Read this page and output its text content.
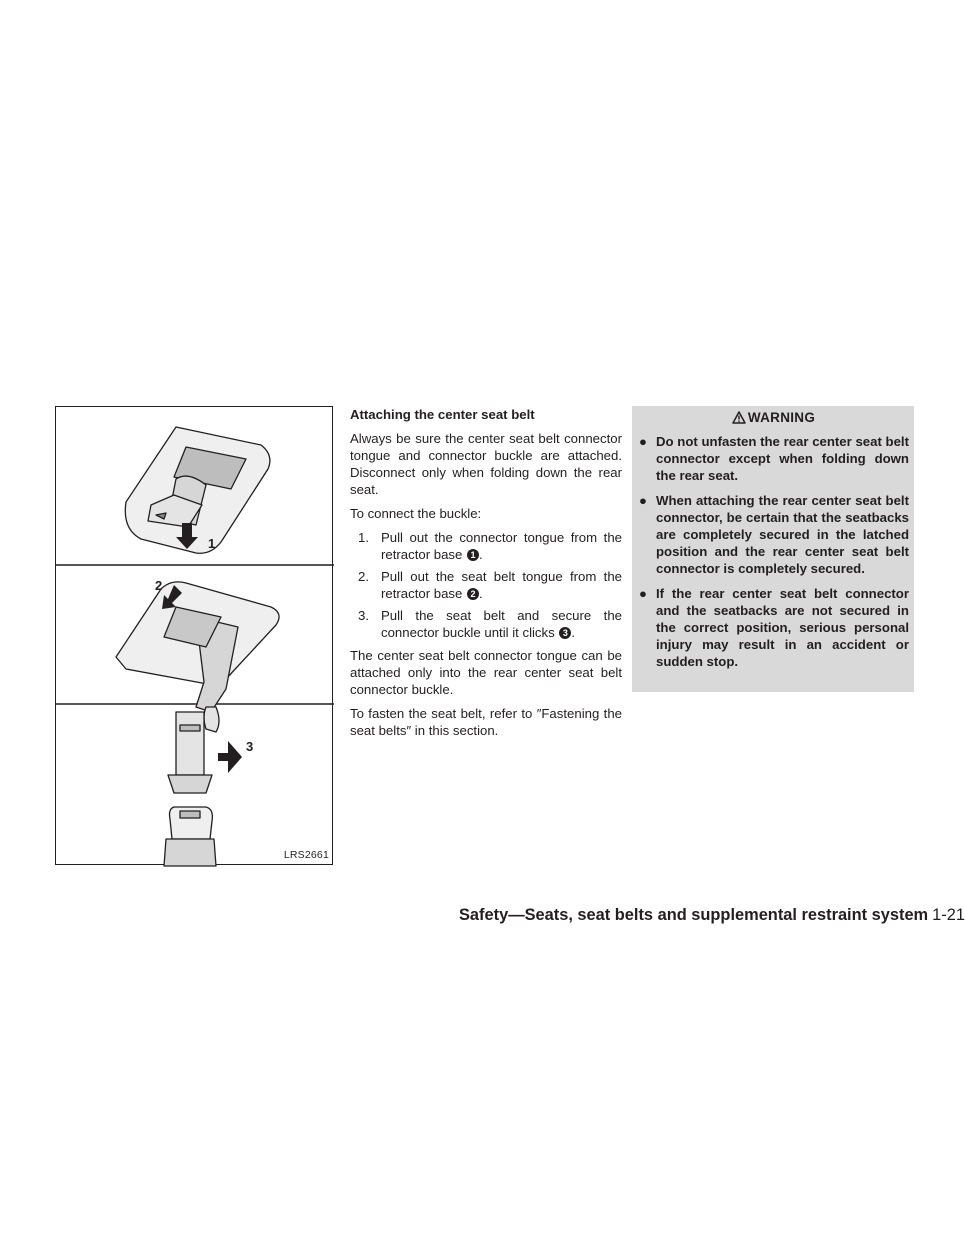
1
2
3
LRS2661
Attaching the center seat belt

Always be sure the center seat belt connector tongue and connector buckle are attached. Disconnect only when folding down the rear seat.

To connect the buckle:

1. Pull out the connector tongue from the retractor base 1 .
2. Pull out the seat belt tongue from the retractor base 2 .
3. Pull the seat belt and secure the connector buckle until it clicks 3 .

The center seat belt connector tongue can be attached only into the rear center seat belt connector buckle.

To fasten the seat belt, refer to ″Fastening the seat belts″ in this section.

WARNING
● Do not unfasten the rear center seat belt connector except when folding down the rear seat.
● When attaching the rear center seat belt connector, be certain that the seatbacks are completely secured in the latched position and the rear center seat belt connector is completely secured.
● If the rear center seat belt connector and the seatbacks are not secured in the correct position, serious personal injury may result in an accident or sudden stop.
Safety—Seats, seat belts and supplemental restraint system 1-21
